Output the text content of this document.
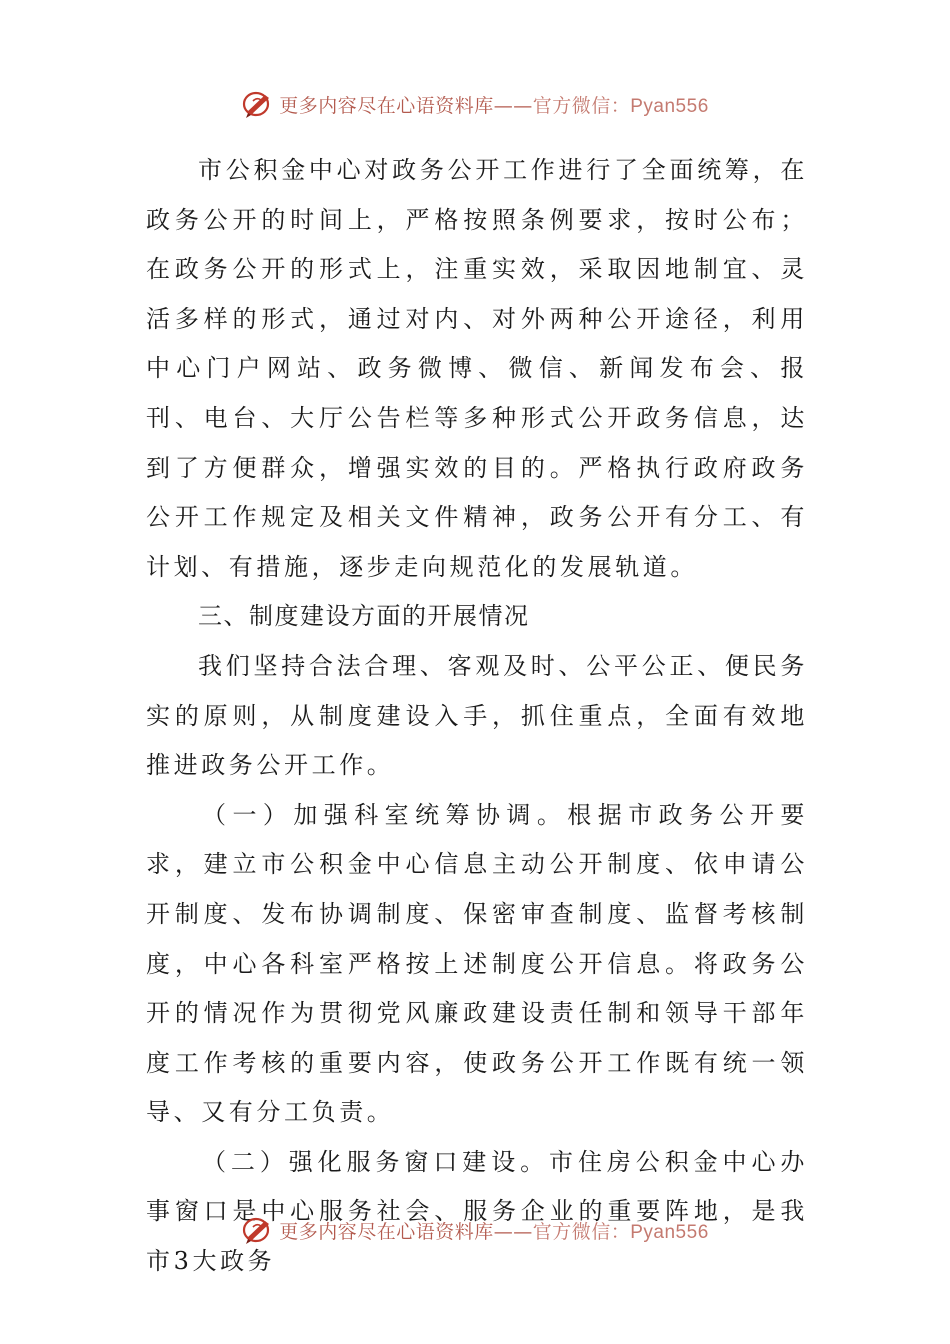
更多内容尽在心语资料库——官方微信：Pyan556

市公积金中心对政务公开工作进行了全面统筹，在政务公开的时间上，严格按照条例要求，按时公布；在政务公开的形式上，注重实效，采取因地制宜、灵活多样的形式，通过对内、对外两种公开途径，利用中心门户网站、政务微博、微信、新闻发布会、报刊、电台、大厅公告栏等多种形式公开政务信息，达到了方便群众，增强实效的目的。严格执行政府政务公开工作规定及相关文件精神，政务公开有分工、有计划、有措施，逐步走向规范化的发展轨道。

三、制度建设方面的开展情况

我们坚持合法合理、客观及时、公平公正、便民务实的原则，从制度建设入手，抓住重点，全面有效地推进政务公开工作。

（一）加强科室统筹协调。根据市政务公开要求，建立市公积金中心信息主动公开制度、依申请公开制度、发布协调制度、保密审查制度、监督考核制度，中心各科室严格按上述制度公开信息。将政务公开的情况作为贯彻党风廉政建设责任制和领导干部年度工作考核的重要内容，使政务公开工作既有统一领导、又有分工负责。

（二）强化服务窗口建设。市住房公积金中心办事窗口是中心服务社会、服务企业的重要阵地，是我市3大政务

更多内容尽在心语资料库——官方微信：Pyan556
